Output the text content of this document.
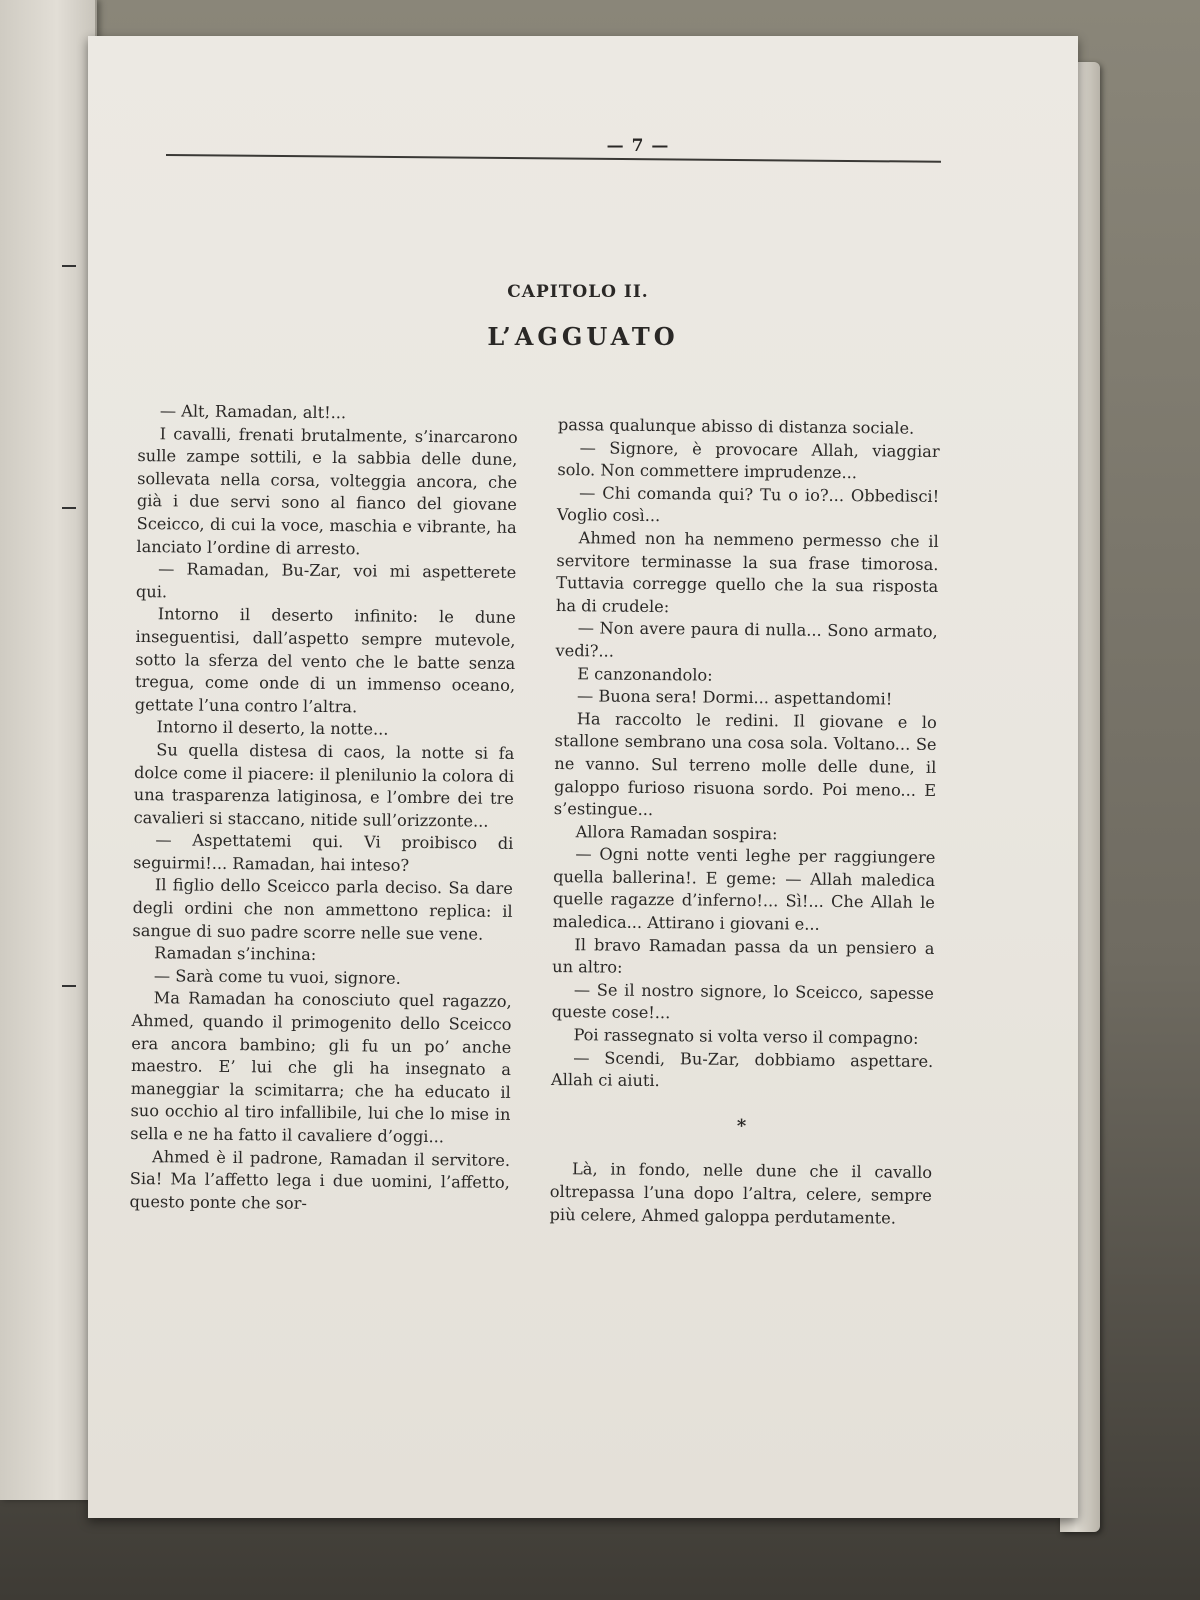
— 7 —
CAPITOLO II.
L’AGGUATO

— Alt, Ramadan, alt!...

I cavalli, frenati brutalmente, s’inarcarono sulle zampe sottili, e la sabbia delle dune, sollevata nella corsa, volteggia ancora, che già i due servi sono al fianco del giovane Sceicco, di cui la voce, maschia e vibrante, ha lanciato l’ordine di arresto.

— Ramadan, Bu-Zar, voi mi aspetterete qui.

Intorno il deserto infinito: le dune inseguentisi, dall’aspetto sempre mutevole, sotto la sferza del vento che le batte senza tregua, come onde di un immenso oceano, gettate l’una contro l’altra.

Intorno il deserto, la notte...

Su quella distesa di caos, la notte si fa dolce come il piacere: il plenilunio la colora di una trasparenza latiginosa, e l’ombre dei tre cavalieri si staccano, nitide sull’orizzonte...

— Aspettatemi qui. Vi proibisco di seguirmi!... Ramadan, hai inteso?

Il figlio dello Sceicco parla deciso. Sa dare degli ordini che non ammettono replica: il sangue di suo padre scorre nelle sue vene.

Ramadan s’inchina:

— Sarà come tu vuoi, signore.

Ma Ramadan ha conosciuto quel ragazzo, Ahmed, quando il primogenito dello Sceicco era ancora bambino; gli fu un po’ anche maestro. E’ lui che gli ha insegnato a maneggiar la scimitarra; che ha educato il suo occhio al tiro infallibile, lui che lo mise in sella e ne ha fatto il cavaliere d’oggi...

Ahmed è il padrone, Ramadan il servitore. Sia! Ma l’affetto lega i due uomini, l’affetto, questo ponte che sor-

passa qualunque abisso di distanza sociale.

— Signore, è provocare Allah, viaggiar solo. Non commettere imprudenze...

— Chi comanda qui? Tu o io?... Obbedisci! Voglio così...

Ahmed non ha nemmeno permesso che il servitore terminasse la sua frase timorosa. Tuttavia corregge quello che la sua risposta ha di crudele:

— Non avere paura di nulla... Sono armato, vedi?...

E canzonandolo:

— Buona sera! Dormi... aspettandomi!

Ha raccolto le redini. Il giovane e lo stallone sembrano una cosa sola. Voltano... Se ne vanno. Sul terreno molle delle dune, il galoppo furioso risuona sordo. Poi meno... E s’estingue...

Allora Ramadan sospira:

— Ogni notte venti leghe per raggiungere quella ballerina!. E geme: — Allah maledica quelle ragazze d’inferno!... Sì!... Che Allah le maledica... Attirano i giovani e...

Il bravo Ramadan passa da un pensiero a un altro:

— Se il nostro signore, lo Sceicco, sapesse queste cose!...

Poi rassegnato si volta verso il compagno:

— Scendi, Bu-Zar, dobbiamo aspettare. Allah ci aiuti.

*

Là, in fondo, nelle dune che il cavallo oltrepassa l’una dopo l’altra, celere, sempre più celere, Ahmed galoppa perdutamente.
